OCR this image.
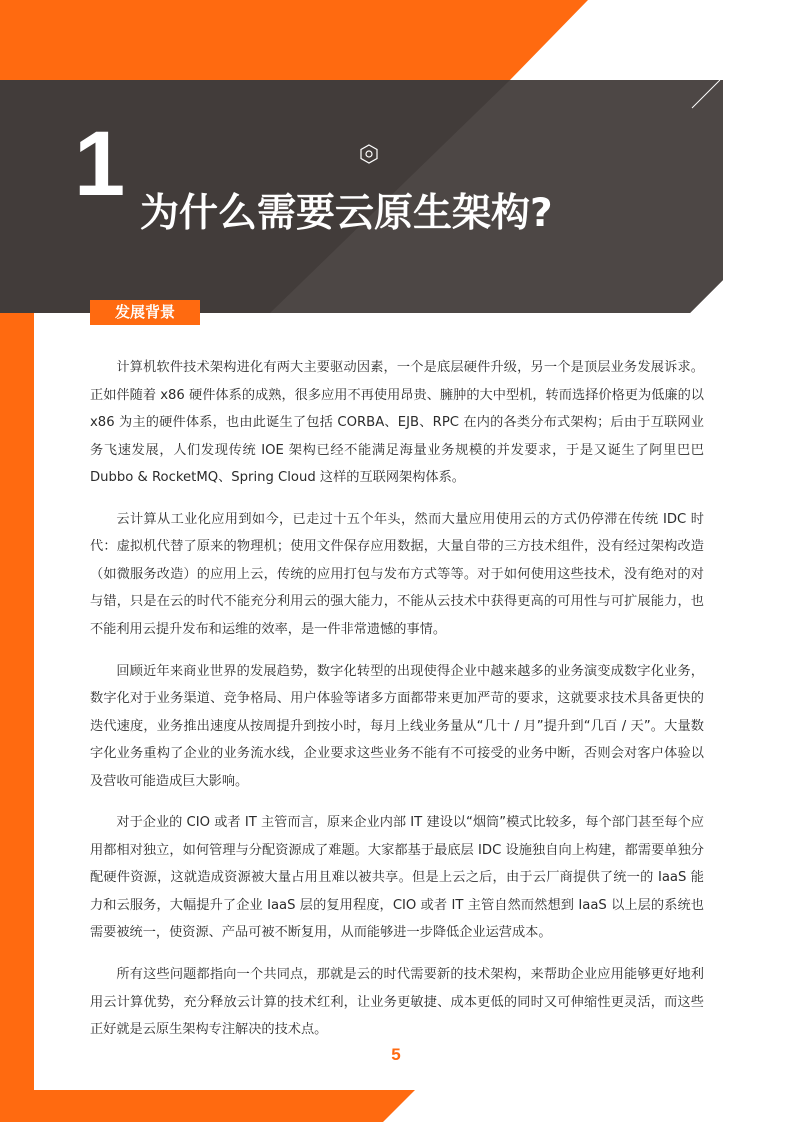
1 为什么需要云原生架构?
发展背景

计算机软件技术架构进化有两大主要驱动因素，一个是底层硬件升级，另一个是顶层业务发展诉求。正如伴随着 x86 硬件体系的成熟，很多应用不再使用昂贵、臃肿的大中型机，转而选择价格更为低廉的以 x86 为主的硬件体系，也由此诞生了包括 CORBA、EJB、RPC 在内的各类分布式架构；后由于互联网业务飞速发展，人们发现传统 IOE 架构已经不能满足海量业务规模的并发要求，于是又诞生了阿里巴巴 Dubbo & RocketMQ、Spring Cloud 这样的互联网架构体系。

云计算从工业化应用到如今，已走过十五个年头，然而大量应用使用云的方式仍停滞在传统 IDC 时代：虚拟机代替了原来的物理机；使用文件保存应用数据，大量自带的三方技术组件，没有经过架构改造（如微服务改造）的应用上云，传统的应用打包与发布方式等等。对于如何使用这些技术，没有绝对的对与错，只是在云的时代不能充分利用云的强大能力，不能从云技术中获得更高的可用性与可扩展能力，也不能利用云提升发布和运维的效率，是一件非常遗憾的事情。

回顾近年来商业世界的发展趋势，数字化转型的出现使得企业中越来越多的业务演变成数字化业务，数字化对于业务渠道、竞争格局、用户体验等诸多方面都带来更加严苛的要求，这就要求技术具备更快的迭代速度，业务推出速度从按周提升到按小时，每月上线业务量从“几十 / 月”提升到“几百 / 天”。大量数字化业务重构了企业的业务流水线，企业要求这些业务不能有不可接受的业务中断，否则会对客户体验以及营收可能造成巨大影响。

对于企业的 CIO 或者 IT 主管而言，原来企业内部 IT 建设以“烟筒”模式比较多，每个部门甚至每个应用都相对独立，如何管理与分配资源成了难题。大家都基于最底层 IDC 设施独自向上构建，都需要单独分配硬件资源，这就造成资源被大量占用且难以被共享。但是上云之后，由于云厂商提供了统一的 IaaS 能力和云服务，大幅提升了企业 IaaS 层的复用程度，CIO 或者 IT 主管自然而然想到 IaaS 以上层的系统也需要被统一，使资源、产品可被不断复用，从而能够进一步降低企业运营成本。

所有这些问题都指向一个共同点，那就是云的时代需要新的技术架构，来帮助企业应用能够更好地利用云计算优势，充分释放云计算的技术红利，让业务更敏捷、成本更低的同时又可伸缩性更灵活，而这些正好就是云原生架构专注解决的技术点。

5
